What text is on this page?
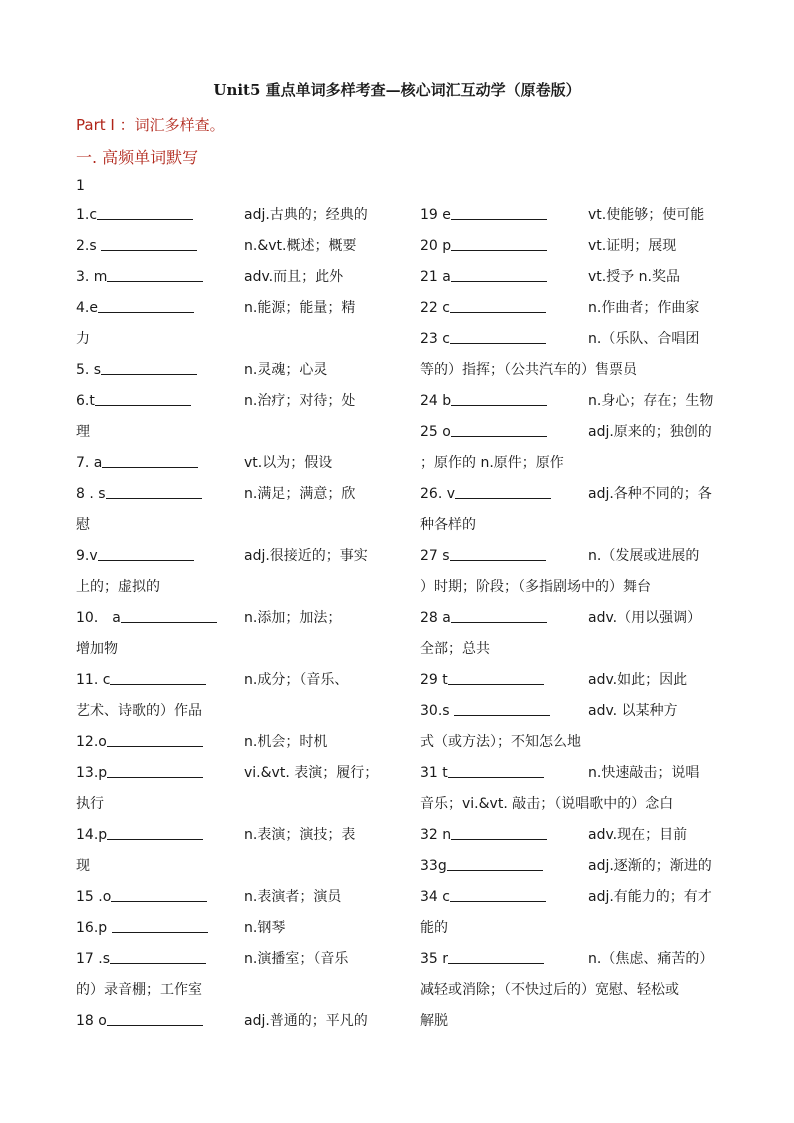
Unit5 重点单词多样考查—核心词汇互动学（原卷版）
Part I ：词汇多样查。
一. 高频单词默写
1
1.c	adj.古典的；经典的
2.s	n.&vt.概述；概要
3. m	adv.而且；此外
4.e	n.能源；能量；精
力
5. s	n.灵魂；心灵
6.t	n.治疗；对待；处
理
7. a	vt.以为；假设
8 . s	n.满足；满意；欣
慰
9.v	adj.很接近的；事实
上的；虚拟的
10． a	n.添加；加法；
增加物
11. c	n.成分；（音乐、
艺术、诗歌的）作品
12.o	n.机会；时机
13.p	vi.&vt. 表演；履行；
执行
14.p	n.表演；演技；表
现
15 .o	n.表演者；演员
16.p	n.钢琴
17 .s	n.演播室；（音乐
的）录音棚；工作室
18 o	adj.普通的；平凡的
19 e	vt.使能够；使可能
20 p	vt.证明；展现
21 a	vt.授予 n.奖品
22 c	n.作曲者；作曲家
23 c	n.（乐队、合唱团
等的）指挥；（公共汽车的）售票员
24 b	n.身心；存在；生物
25 o	adj.原来的；独创的
；原作的 n.原件；原作
26. v	adj.各种不同的；各
种各样的
27 s	n.（发展或进展的
）时期；阶段；（多指剧场中的）舞台
28 a	adv.（用以强调）
全部；总共
29 t	adv.如此；因此
30.s	adv. 以某种方
式（或方法）；不知怎么地
31 t	n.快速敲击；说唱
音乐；vi.&vt. 敲击；（说唱歌中的）念白
32 n	adv.现在；目前
33g	adj.逐渐的；渐进的
34 c	adj.有能力的；有才
能的
35 r	n.（焦虑、痛苦的）
减轻或消除；（不快过后的）宽慰、轻松或
解脱
